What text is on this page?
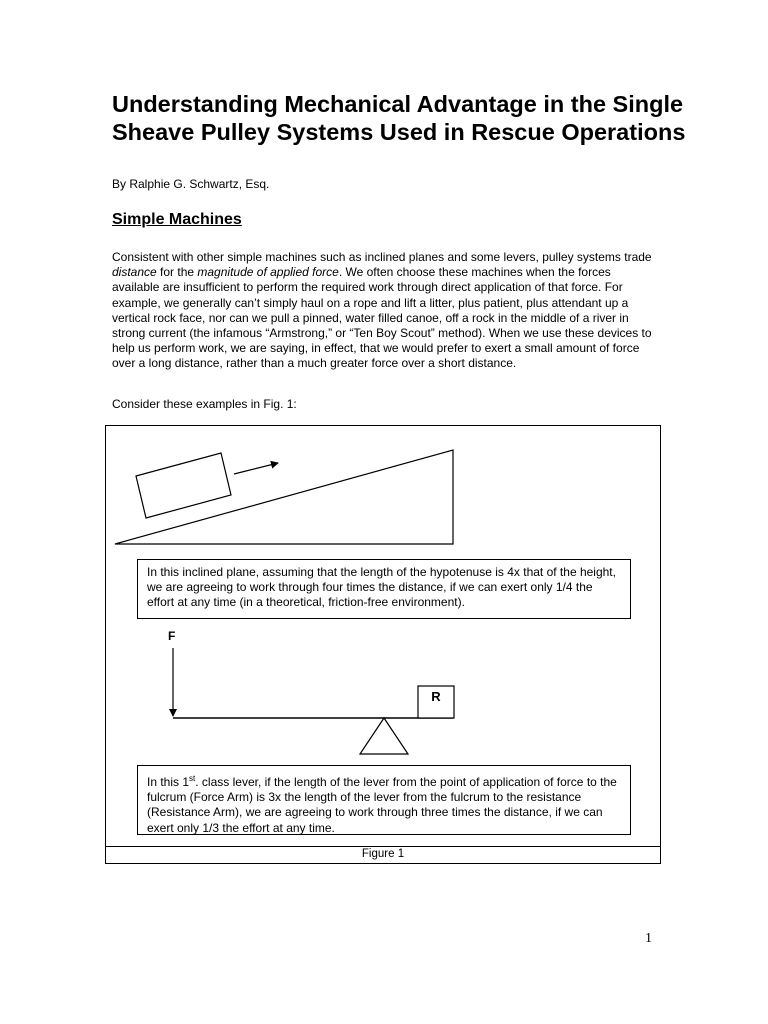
Understanding Mechanical Advantage in the Single Sheave Pulley Systems Used in Rescue Operations
By Ralphie G. Schwartz, Esq.
Simple Machines

Consistent with other simple machines such as inclined planes and some levers, pulley systems trade distance for the magnitude of applied force. We often choose these machines when the forces available are insufficient to perform the required work through direct application of that force. For example, we generally can’t simply haul on a rope and lift a litter, plus patient, plus attendant up a vertical rock face, nor can we pull a pinned, water filled canoe, off a rock in the middle of a river in strong current (the infamous “Armstrong,” or “Ten Boy Scout” method). When we use these devices to help us perform work, we are saying, in effect, that we would prefer to exert a small amount of force over a long distance, rather than a much greater force over a short distance.

Consider these examples in Fig. 1:

In this inclined plane, assuming that the length of the hypotenuse is 4x that of the height, we are agreeing to work through four times the distance, if we can exert only 1/4 the effort at any time (in a theoretical, friction-free environment).
F
R
In this 1st. class lever, if the length of the lever from the point of application of force to the fulcrum (Force Arm) is 3x the length of the lever from the fulcrum to the resistance (Resistance Arm), we are agreeing to work through three times the distance, if we can exert only 1/3 the effort at any time.
Figure 1
1
